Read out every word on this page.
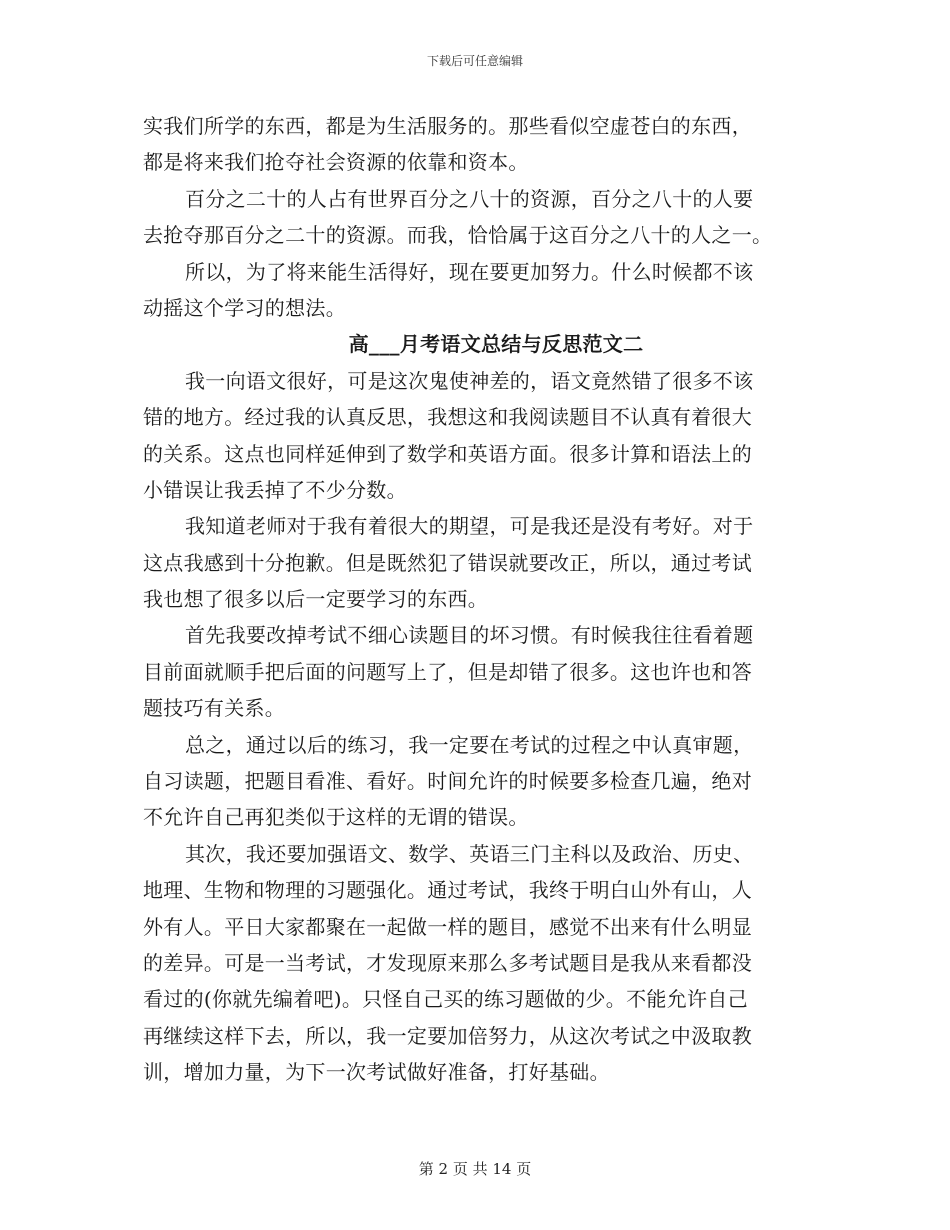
下载后可任意编辑
实我们所学的东西，都是为生活服务的。那些看似空虚苍白的东西，
都是将来我们抢夺社会资源的依靠和资本。
百分之二十的人占有世界百分之八十的资源，百分之八十的人要
去抢夺那百分之二十的资源。而我，恰恰属于这百分之八十的人之一。
所以，为了将来能生活得好，现在要更加努力。什么时候都不该
动摇这个学习的想法。
高___月考语文总结与反思范文二
我一向语文很好，可是这次鬼使神差的，语文竟然错了很多不该
错的地方。经过我的认真反思，我想这和我阅读题目不认真有着很大
的关系。这点也同样延伸到了数学和英语方面。很多计算和语法上的
小错误让我丢掉了不少分数。
我知道老师对于我有着很大的期望，可是我还是没有考好。对于
这点我感到十分抱歉。但是既然犯了错误就要改正，所以，通过考试
我也想了很多以后一定要学习的东西。
首先我要改掉考试不细心读题目的坏习惯。有时候我往往看着题
目前面就顺手把后面的问题写上了，但是却错了很多。这也许也和答
题技巧有关系。
总之，通过以后的练习，我一定要在考试的过程之中认真审题，
自习读题，把题目看准、看好。时间允许的时候要多检查几遍，绝对
不允许自己再犯类似于这样的无谓的错误。
其次，我还要加强语文、数学、英语三门主科以及政治、历史、
地理、生物和物理的习题强化。通过考试，我终于明白山外有山，人
外有人。平日大家都聚在一起做一样的题目，感觉不出来有什么明显
的差异。可是一当考试，才发现原来那么多考试题目是我从来看都没
看过的(你就先编着吧)。只怪自己买的练习题做的少。不能允许自己
再继续这样下去，所以，我一定要加倍努力，从这次考试之中汲取教
训，增加力量，为下一次考试做好准备，打好基础。
第 2 页 共 14 页
